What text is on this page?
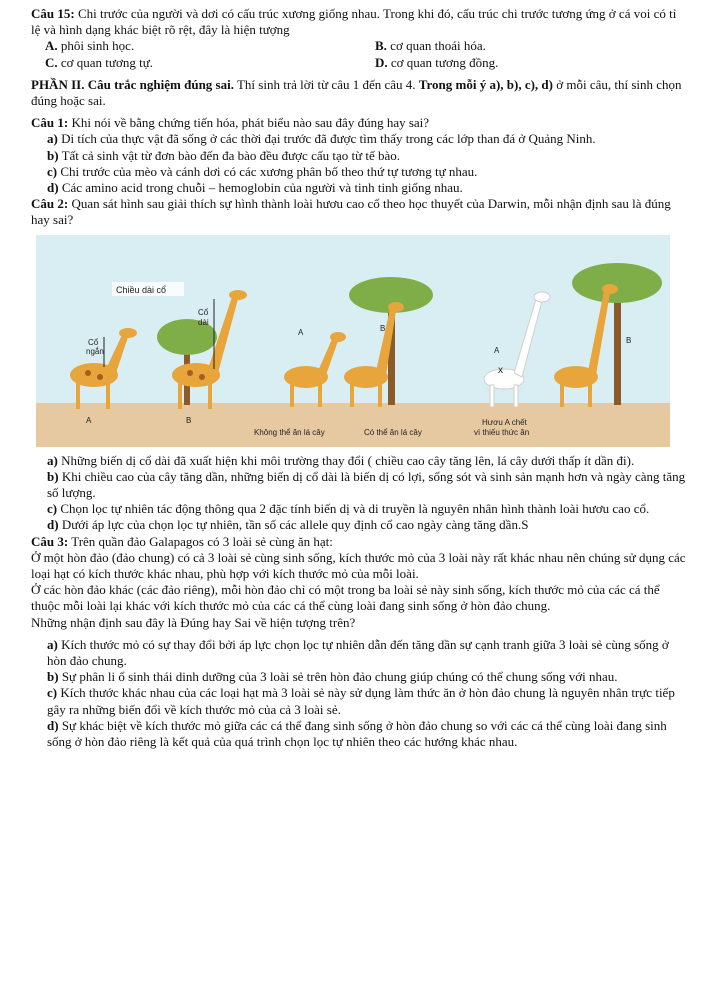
Câu 15: Chi trước của người và dơi có cấu trúc xương giống nhau. Trong khi đó, cấu trúc chi trước tương ứng ở cá voi có tỉ lệ và hình dạng khác biệt rõ rệt, đây là hiện tượng

A. phôi sinh học.	B. cơ quan thoái hóa.
C. cơ quan tương tự.	D. cơ quan tương đồng.

PHẦN II. Câu trắc nghiệm đúng sai. Thí sinh trả lời từ câu 1 đến câu 4. Trong mỗi ý a), b), c), d) ở mỗi câu, thí sinh chọn đúng hoặc sai.

Câu 1: Khi nói về bằng chứng tiến hóa, phát biểu nào sau đây đúng hay sai?

a) Di tích của thực vật đã sống ở các thời đại trước đã được tìm thấy trong các lớp than đá ở Quảng Ninh.

b) Tất cả sinh vật từ đơn bào đến đa bào đều được cấu tạo từ tế bào.

c) Chi trước của mèo và cánh dơi có các xương phân bố theo thứ tự tương tự nhau.

d) Các amino acid trong chuỗi – hemoglobin của người và tinh tinh giống nhau.

Câu 2: Quan sát hình sau giải thích sự hình thành loài hươu cao cổ theo học thuyết của Darwin, mỗi nhận định sau là đúng hay sai?

Chiều dài cổ
Cổ
dài
Cổ
ngắn
A	B
A	B
A
x
B
Không thể ăn lá cây	Có thể ăn lá cây
Hươu A chết
vì thiếu thức ăn

a) Những biến dị cổ dài đã xuất hiện khi môi trường thay đổi ( chiều cao cây tăng lên, lá cây dưới thấp ít dần đi).

b) Khi chiều cao của cây tăng dần, những biến dị cổ dài là biến dị có lợi, sống sót và sinh sản mạnh hơn và ngày càng tăng số lượng.

c) Chọn lọc tự nhiên tác động thông qua 2 đặc tính biến dị và di truyền là nguyên nhân hình thành loài hươu cao cổ.

d) Dưới áp lực của chọn lọc tự nhiên, tần số các allele quy định cổ cao ngày càng tăng dần.S

Câu 3: Trên quần đảo Galapagos có 3 loài sẻ cùng ăn hạt:

Ở một hòn đảo (đảo chung) có cả 3 loài sẻ cùng sinh sống, kích thước mỏ của 3 loài này rất khác nhau nên chúng sử dụng các loại hạt có kích thước khác nhau, phù hợp với kích thước mỏ của mỗi loài.

Ở các hòn đảo khác (các đảo riêng), mỗi hòn đảo chỉ có một trong ba loài sẻ này sinh sống, kích thước mỏ của các cá thể thuộc mỗi loài lại khác với kích thước mỏ của các cá thể cùng loài đang sinh sống ở hòn đảo chung.

Những nhận định sau đây là Đúng hay Sai về hiện tượng trên?

a) Kích thước mỏ có sự thay đổi bởi áp lực chọn lọc tự nhiên dẫn đến tăng dần sự cạnh tranh giữa 3 loài sẻ cùng sống ở hòn đảo chung.

b) Sự phân li ổ sinh thái dinh dưỡng của 3 loài sẻ trên hòn đảo chung giúp chúng có thể chung sống với nhau.

c) Kích thước khác nhau của các loại hạt mà 3 loài sẻ này sử dụng làm thức ăn ở hòn đảo chung là nguyên nhân trực tiếp gây ra những biến đổi về kích thước mỏ của cả 3 loài sẻ.

d) Sự khác biệt về kích thước mỏ giữa các cá thể đang sinh sống ở hòn đảo chung so với các cá thể cùng loài đang sinh sống ở hòn đảo riêng là kết quả của quá trình chọn lọc tự nhiên theo các hướng khác nhau.
